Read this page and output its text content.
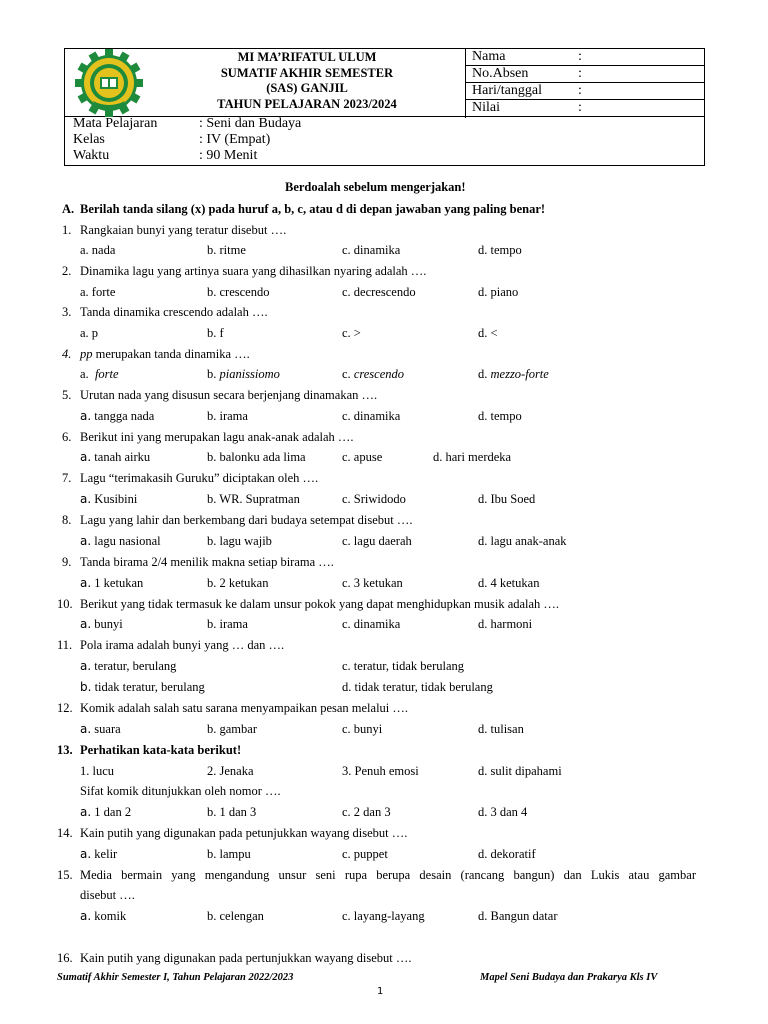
MI MA’RIFATUL ULUM
SUMATIF AKHIR SEMESTER
(SAS) GANJIL
TAHUN PELAJARAN 2023/2024
Nama	:
No.Absen	:
Hari/tanggal	:
Nilai	:
Mata Pelajaran	: Seni dan Budaya
Kelas	: IV (Empat)
Waktu	: 90 Menit
Berdoalah sebelum mengerjakan!
A. Berilah tanda silang (x) pada huruf a, b, c, atau d di depan jawaban yang paling benar!
1. Rangkaian bunyi yang teratur disebut ….
a. nada	b. ritme	c. dinamika	d. tempo
2. Dinamika lagu yang artinya suara yang dihasilkan nyaring adalah ….
a. forte	b. crescendo	c. decrescendo	d. piano
3. Tanda dinamika crescendo adalah ….
a. p	b. f	c. >	d. <
4. pp merupakan tanda dinamika ….
a. forte	b. pianissiomo	c. crescendo	d. mezzo-forte
5. Urutan nada yang disusun secara berjenjang dinamakan ….
a. tangga nada	b. irama	c. dinamika	d. tempo
6. Berikut ini yang merupakan lagu anak-anak adalah ….
a. tanah airku	b. balonku ada lima	c. apuse	d. hari merdeka
7. Lagu “terimakasih Guruku” diciptakan oleh ….
a. Kusibini	b. WR. Supratman	c. Sriwidodo	d. Ibu Soed
8. Lagu yang lahir dan berkembang dari budaya setempat disebut ….
a. lagu nasional	b. lagu wajib	c. lagu daerah	d. lagu anak-anak
9. Tanda birama 2/4 menilik makna setiap birama ….
a. 1 ketukan	b. 2 ketukan	c. 3 ketukan	d. 4 ketukan
10. Berikut yang tidak termasuk ke dalam unsur pokok yang dapat menghidupkan musik adalah ….
a. bunyi	b. irama	c. dinamika	d. harmoni
11. Pola irama adalah bunyi yang … dan ….
a. teratur, berulang	c. teratur, tidak berulang
b. tidak teratur, berulang	d. tidak teratur, tidak berulang
12. Komik adalah salah satu sarana menyampaikan pesan melalui ….
a. suara	b. gambar	c. bunyi	d. tulisan
13. Perhatikan kata-kata berikut!
1. lucu	2. Jenaka	3. Penuh emosi	d. sulit dipahami
Sifat komik ditunjukkan oleh nomor ….
a. 1 dan 2	b. 1 dan 3	c. 2 dan 3	d. 3 dan 4
14. Kain putih yang digunakan pada petunjukkan wayang disebut ….
a. kelir	b. lampu	c. puppet	d. dekoratif
15. Media bermain yang mengandung unsur seni rupa berupa desain (rancang bangun) dan Lukis atau gambar
disebut ….
a. komik	b. celengan	c. layang-layang	d. Bangun datar
16. Kain putih yang digunakan pada pertunjukkan wayang disebut ….
Sumatif Akhir Semester I, Tahun Pelajaran 2022/2023	Mapel Seni Budaya dan Prakarya Kls IV
1
